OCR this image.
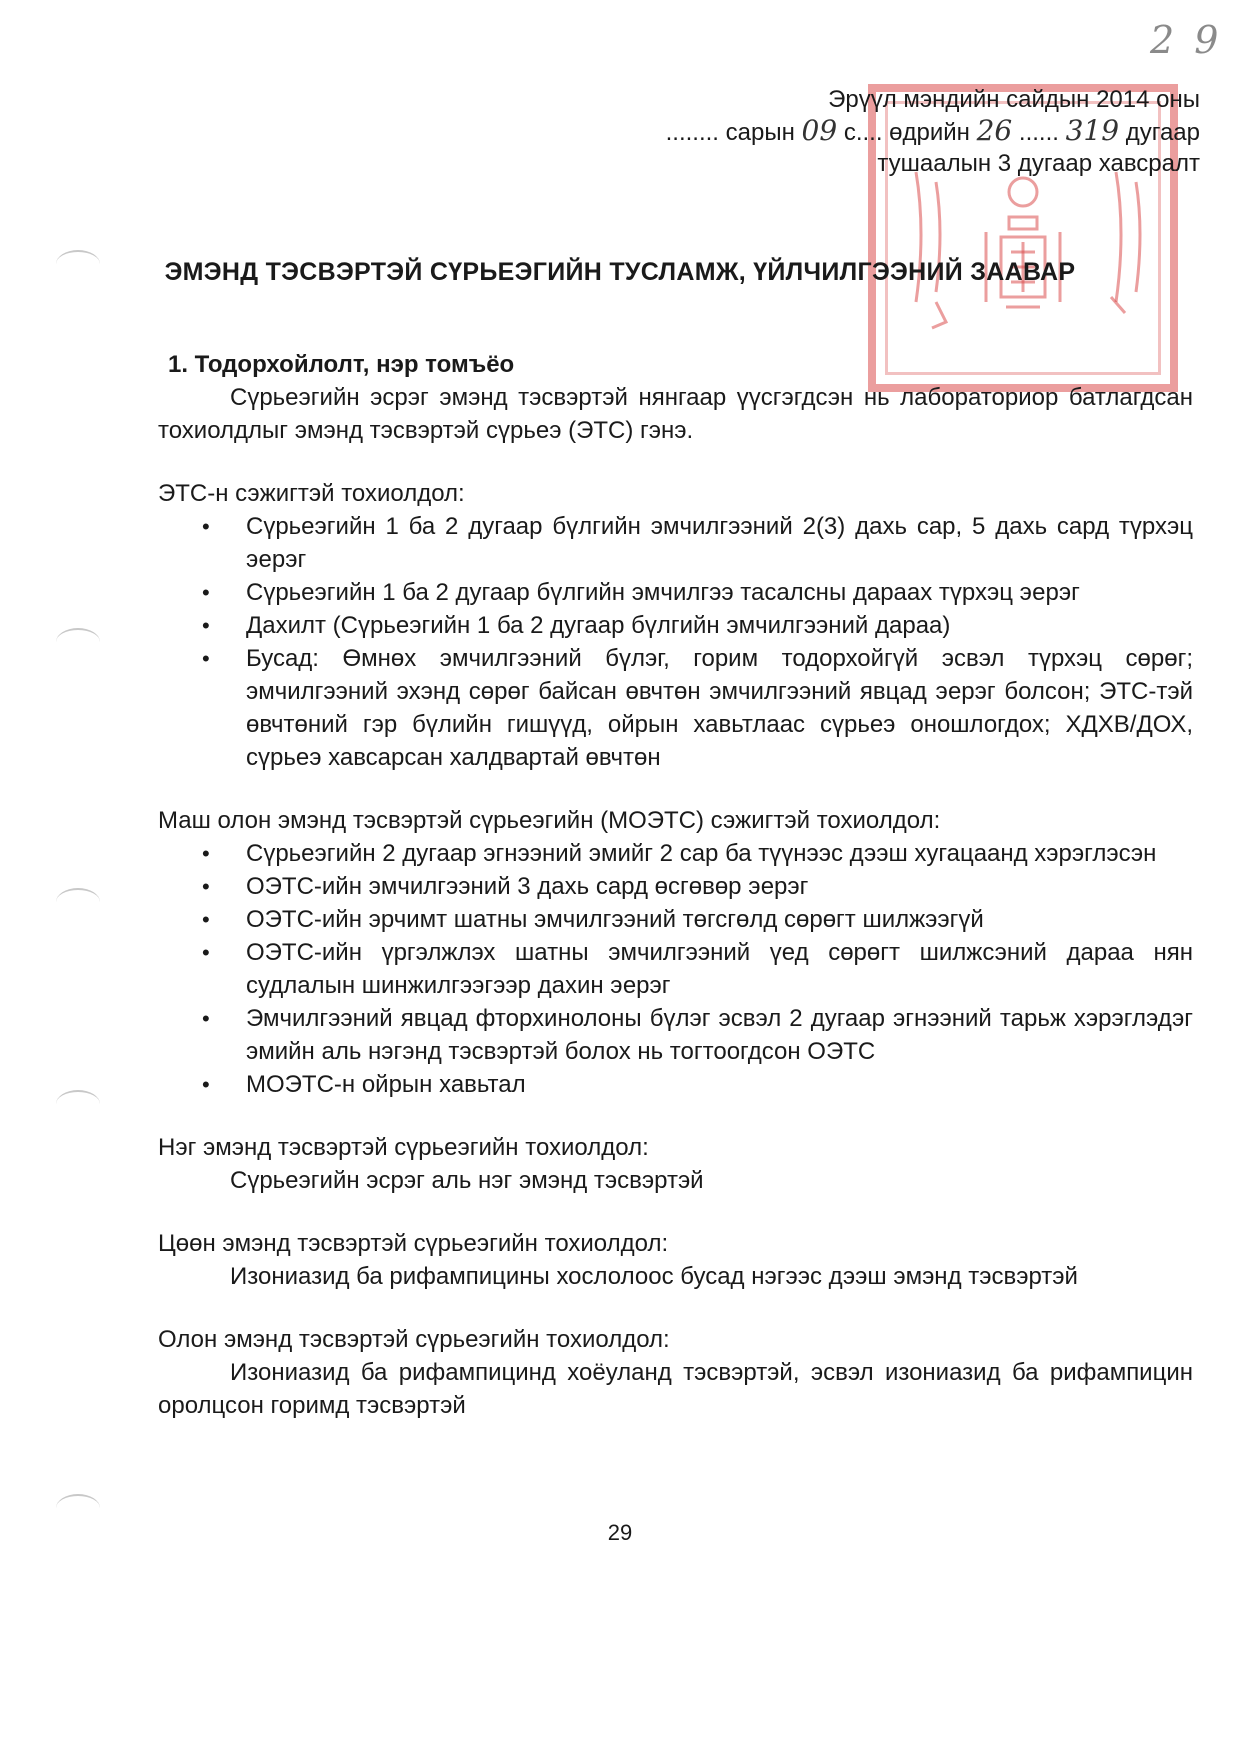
2 9
Эрүүл мэндийн сайдын 2014 оны
........ сарын 09 с.... өдрийн 26 ...... 319 дугаар
тушаалын 3 дугаар хавсралт
ЭМЭНД ТЭСВЭРТЭЙ СҮРЬЕЭГИЙН ТУСЛАМЖ, ҮЙЛЧИЛГЭЭНИЙ ЗААВАР
1. Тодорхойлолт, нэр томъёо
Сүрьеэгийн эсрэг эмэнд тэсвэртэй нянгаар үүсгэгдсэн нь лабораториор батлагдсан тохиолдлыг эмэнд тэсвэртэй сүрьеэ (ЭТС) гэнэ.
ЭТС-н сэжигтэй тохиолдол:
• Сүрьеэгийн 1 ба 2 дугаар бүлгийн эмчилгээний 2(3) дахь сар, 5 дахь сард түрхэц эерэг
• Сүрьеэгийн 1 ба 2 дугаар бүлгийн эмчилгээ тасалсны дараах түрхэц эерэг
• Дахилт (Сүрьеэгийн 1 ба 2 дугаар бүлгийн эмчилгээний дараа)
• Бусад: Өмнөх эмчилгээний бүлэг, горим тодорхойгүй эсвэл түрхэц сөрөг; эмчилгээний эхэнд сөрөг байсан өвчтөн эмчилгээний явцад эерэг болсон; ЭТС-тэй өвчтөний гэр бүлийн гишүүд, ойрын хавьтлаас сүрьеэ оношлогдох; ХДХВ/ДОХ, сүрьеэ хавсарсан халдвартай өвчтөн
Маш олон эмэнд тэсвэртэй сүрьеэгийн (МОЭТС) сэжигтэй тохиолдол:
• Сүрьеэгийн 2 дугаар эгнээний эмийг 2 сар ба түүнээс дээш хугацаанд хэрэглэсэн
• ОЭТС-ийн эмчилгээний 3 дахь сард өсгөвөр эерэг
• ОЭТС-ийн эрчимт шатны эмчилгээний төгсгөлд сөрөгт шилжээгүй
• ОЭТС-ийн үргэлжлэх шатны эмчилгээний үед сөрөгт шилжсэний дараа нян судлалын шинжилгээгээр дахин эерэг
• Эмчилгээний явцад фторхинолоны бүлэг эсвэл 2 дугаар эгнээний тарьж хэрэглэдэг эмийн аль нэгэнд тэсвэртэй болох нь тогтоогдсон ОЭТС
• МОЭТС-н ойрын хавьтал
Нэг эмэнд тэсвэртэй сүрьеэгийн тохиолдол:
Сүрьеэгийн эсрэг аль нэг эмэнд тэсвэртэй
Цөөн эмэнд тэсвэртэй сүрьеэгийн тохиолдол:
Изониазид ба рифампицины хослолоос бусад нэгээс дээш эмэнд тэсвэртэй
Олон эмэнд тэсвэртэй сүрьеэгийн тохиолдол:
Изониазид ба рифампицинд хоёуланд тэсвэртэй, эсвэл изониазид ба рифампицин оролцсон горимд тэсвэртэй
29
